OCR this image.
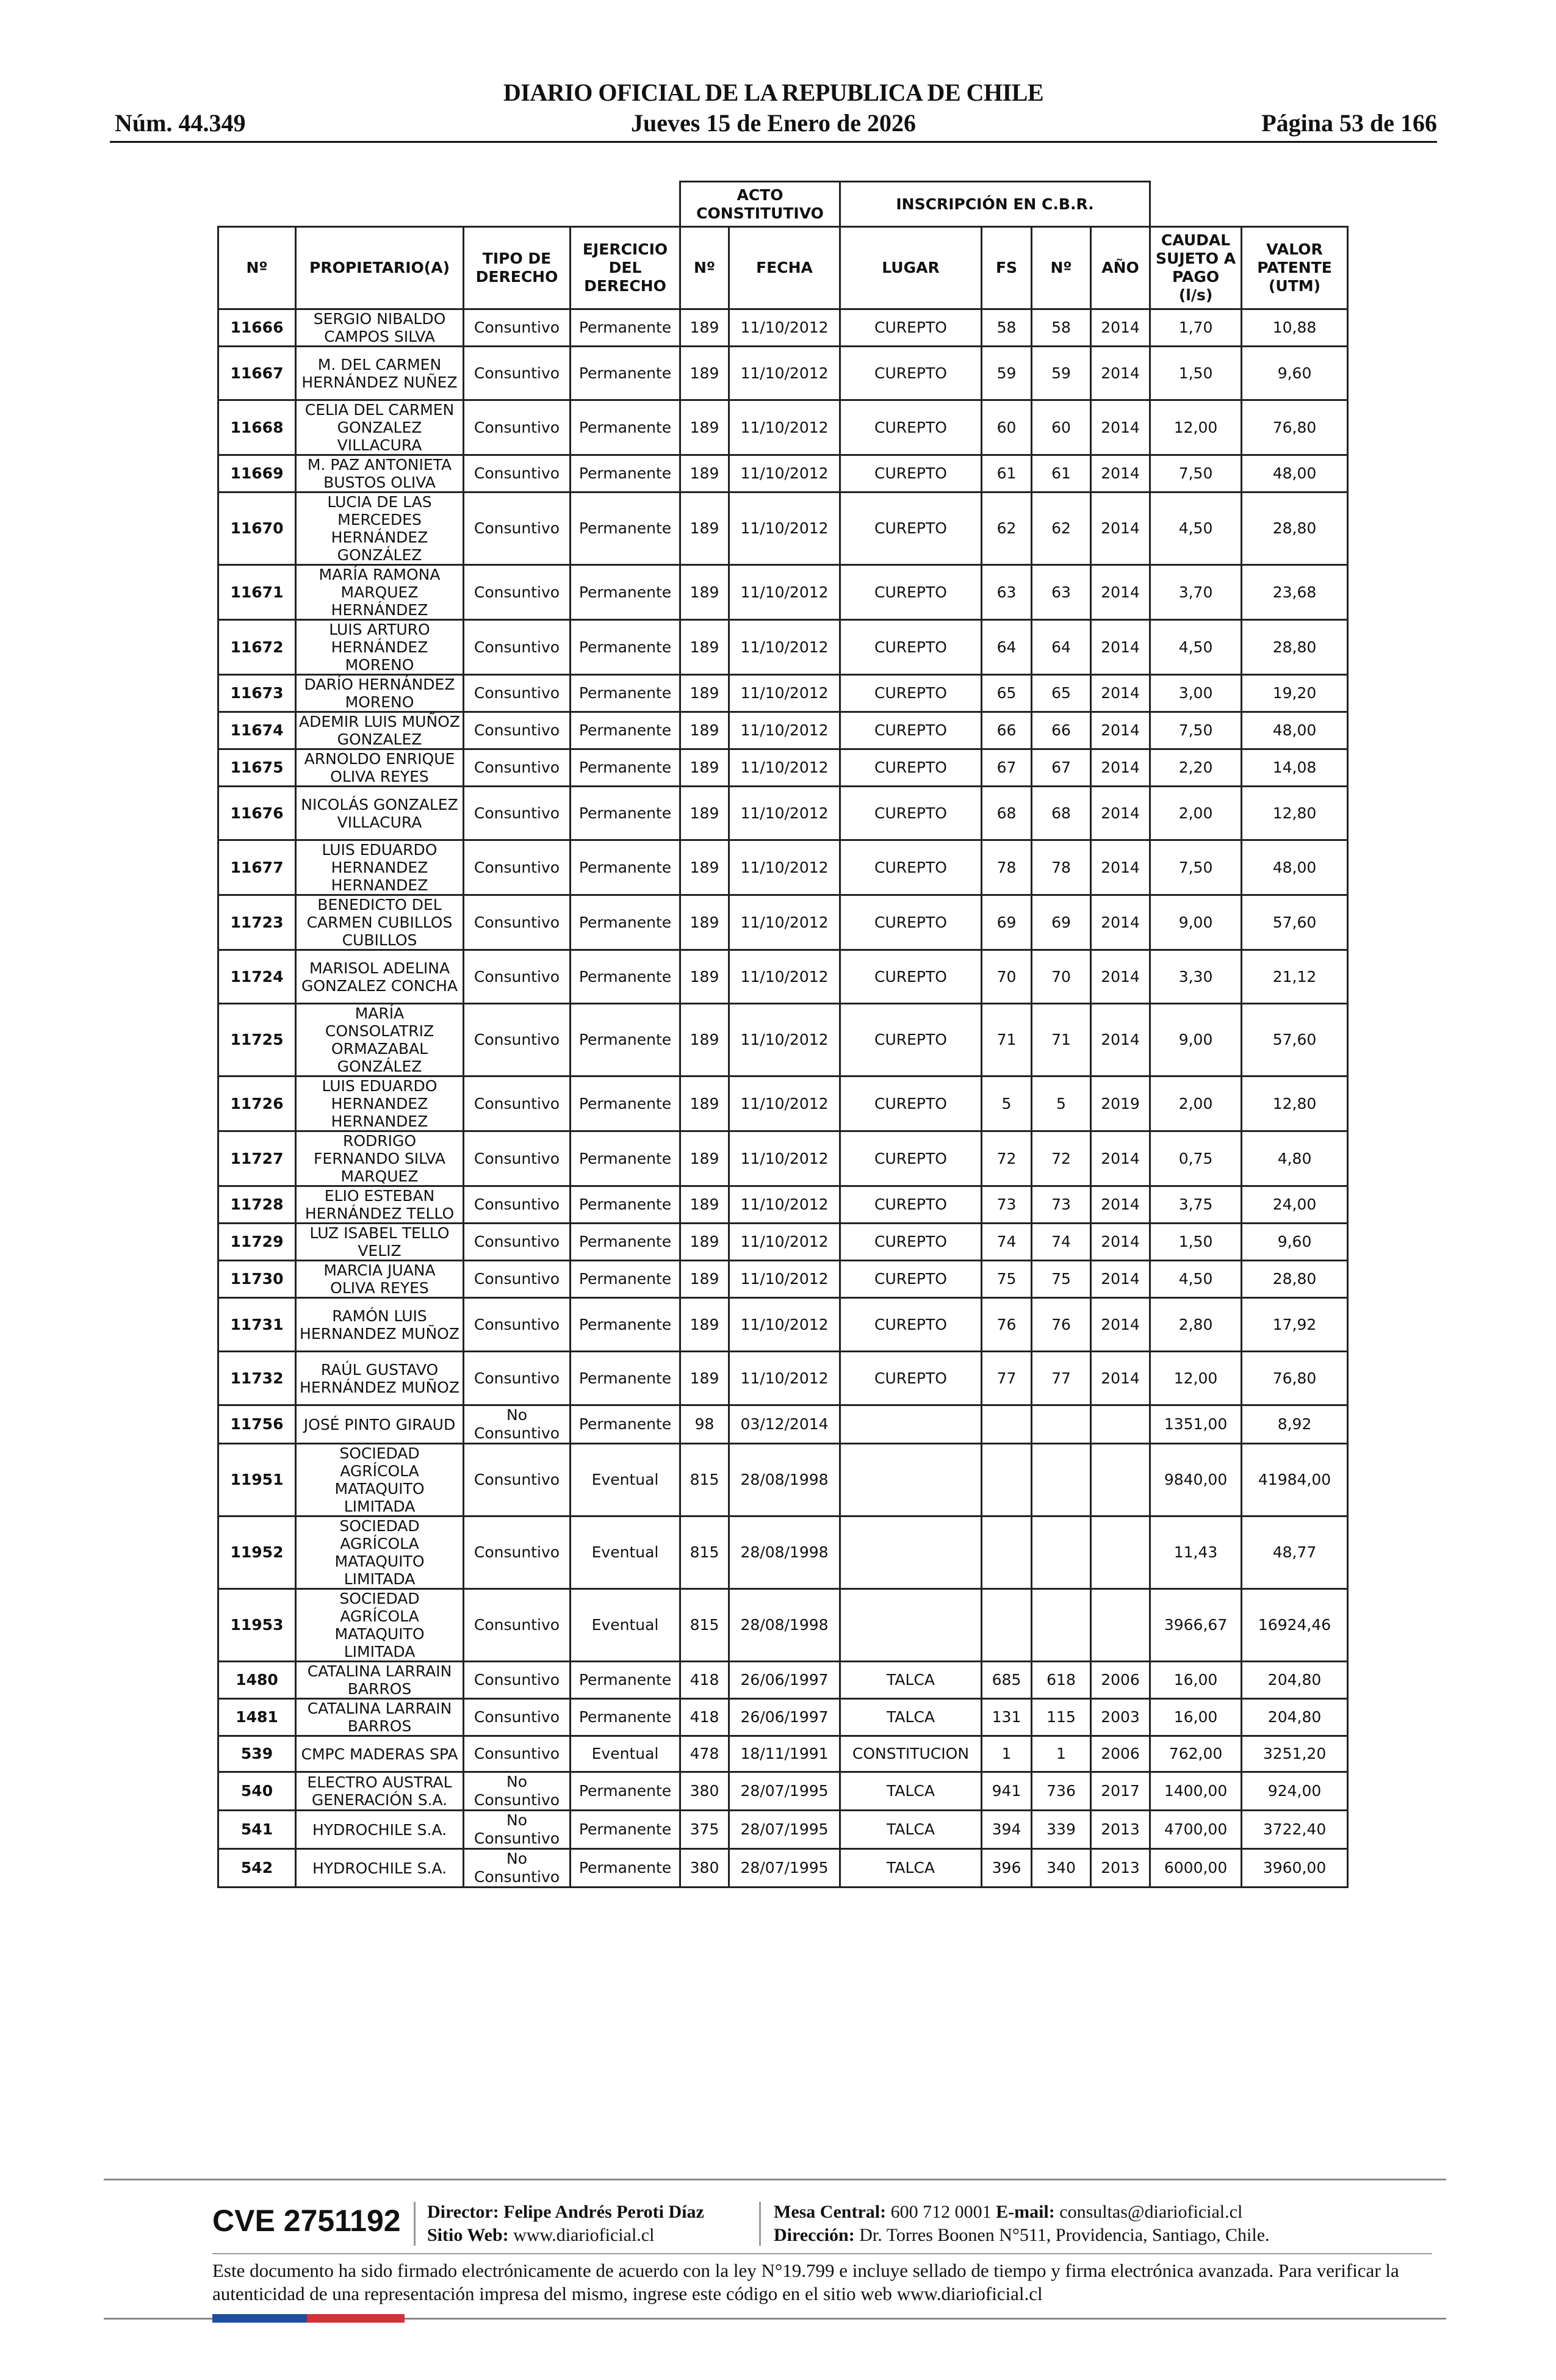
DIARIO OFICIAL DE LA REPUBLICA DE CHILE
Núm. 44.349	Jueves 15 de Enero de 2026	Página 53 de 166
				ACTO CONSTITUTIVO		INSCRIPCIÓN EN C.B.R.					
Nº	PROPIETARIO(A)	TIPO DE DERECHO	EJERCICIO DEL DERECHO	Nº	FECHA	LUGAR	FS	Nº	AÑO	CAUDAL SUJETO A PAGO (l/s)	VALOR PATENTE (UTM)
11666	SERGIO NIBALDO CAMPOS SILVA	Consuntivo	Permanente	189	11/10/2012	CUREPTO	58	58	2014	1,70	10,88
11667	M. DEL CARMEN HERNÁNDEZ NUÑEZ	Consuntivo	Permanente	189	11/10/2012	CUREPTO	59	59	2014	1,50	9,60
11668	CELIA DEL CARMEN GONZALEZ VILLACURA	Consuntivo	Permanente	189	11/10/2012	CUREPTO	60	60	2014	12,00	76,80
11669	M. PAZ ANTONIETA BUSTOS OLIVA	Consuntivo	Permanente	189	11/10/2012	CUREPTO	61	61	2014	7,50	48,00
11670	LUCIA DE LAS MERCEDES HERNÁNDEZ GONZÁLEZ	Consuntivo	Permanente	189	11/10/2012	CUREPTO	62	62	2014	4,50	28,80
11671	MARÍA RAMONA MARQUEZ HERNÁNDEZ	Consuntivo	Permanente	189	11/10/2012	CUREPTO	63	63	2014	3,70	23,68
11672	LUIS ARTURO HERNÁNDEZ MORENO	Consuntivo	Permanente	189	11/10/2012	CUREPTO	64	64	2014	4,50	28,80
11673	DARÍO HERNÁNDEZ MORENO	Consuntivo	Permanente	189	11/10/2012	CUREPTO	65	65	2014	3,00	19,20
11674	ADEMIR LUIS MUÑOZ GONZALEZ	Consuntivo	Permanente	189	11/10/2012	CUREPTO	66	66	2014	7,50	48,00
11675	ARNOLDO ENRIQUE OLIVA REYES	Consuntivo	Permanente	189	11/10/2012	CUREPTO	67	67	2014	2,20	14,08
11676	NICOLÁS GONZALEZ VILLACURA	Consuntivo	Permanente	189	11/10/2012	CUREPTO	68	68	2014	2,00	12,80
11677	LUIS EDUARDO HERNANDEZ HERNANDEZ	Consuntivo	Permanente	189	11/10/2012	CUREPTO	78	78	2014	7,50	48,00
11723	BENEDICTO DEL CARMEN CUBILLOS CUBILLOS	Consuntivo	Permanente	189	11/10/2012	CUREPTO	69	69	2014	9,00	57,60
11724	MARISOL ADELINA GONZALEZ CONCHA	Consuntivo	Permanente	189	11/10/2012	CUREPTO	70	70	2014	3,30	21,12
11725	MARÍA CONSOLATRIZ ORMAZABAL GONZÁLEZ	Consuntivo	Permanente	189	11/10/2012	CUREPTO	71	71	2014	9,00	57,60
11726	LUIS EDUARDO HERNANDEZ HERNANDEZ	Consuntivo	Permanente	189	11/10/2012	CUREPTO	5	5	2019	2,00	12,80
11727	RODRIGO FERNANDO SILVA MARQUEZ	Consuntivo	Permanente	189	11/10/2012	CUREPTO	72	72	2014	0,75	4,80
11728	ELIO ESTEBAN HERNÁNDEZ TELLO	Consuntivo	Permanente	189	11/10/2012	CUREPTO	73	73	2014	3,75	24,00
11729	LUZ ISABEL TELLO VELIZ	Consuntivo	Permanente	189	11/10/2012	CUREPTO	74	74	2014	1,50	9,60
11730	MARCIA JUANA OLIVA REYES	Consuntivo	Permanente	189	11/10/2012	CUREPTO	75	75	2014	4,50	28,80
11731	RAMÓN LUIS HERNANDEZ MUÑOZ	Consuntivo	Permanente	189	11/10/2012	CUREPTO	76	76	2014	2,80	17,92
11732	RAÚL GUSTAVO HERNÁNDEZ MUÑOZ	Consuntivo	Permanente	189	11/10/2012	CUREPTO	77	77	2014	12,00	76,80
11756	JOSÉ PINTO GIRAUD	No Consuntivo	Permanente	98	03/12/2014					1351,00	8,92
11951	SOCIEDAD AGRÍCOLA MATAQUITO LIMITADA	Consuntivo	Eventual	815	28/08/1998					9840,00	41984,00
11952	SOCIEDAD AGRÍCOLA MATAQUITO LIMITADA	Consuntivo	Eventual	815	28/08/1998					11,43	48,77
11953	SOCIEDAD AGRÍCOLA MATAQUITO LIMITADA	Consuntivo	Eventual	815	28/08/1998					3966,67	16924,46
1480	CATALINA LARRAIN BARROS	Consuntivo	Permanente	418	26/06/1997	TALCA	685	618	2006	16,00	204,80
1481	CATALINA LARRAIN BARROS	Consuntivo	Permanente	418	26/06/1997	TALCA	131	115	2003	16,00	204,80
539	CMPC MADERAS SPA	Consuntivo	Eventual	478	18/11/1991	CONSTITUCION	1	1	2006	762,00	3251,20
540	ELECTRO AUSTRAL GENERACIÓN S.A.	No Consuntivo	Permanente	380	28/07/1995	TALCA	941	736	2017	1400,00	924,00
541	HYDROCHILE S.A.	No Consuntivo	Permanente	375	28/07/1995	TALCA	394	339	2013	4700,00	3722,40
542	HYDROCHILE S.A.	No Consuntivo	Permanente	380	28/07/1995	TALCA	396	340	2013	6000,00	3960,00
CVE 2751192 Director: Felipe Andrés Peroti Díaz
Sitio Web: www.diarioficial.cl
Mesa Central: 600 712 0001 E-mail: consultas@diarioficial.cl
Dirección: Dr. Torres Boonen N°511, Providencia, Santiago, Chile.
Este documento ha sido firmado electrónicamente de acuerdo con la ley N°19.799 e incluye sellado de tiempo y firma electrónica avanzada. Para verificar la autenticidad de una representación impresa del mismo, ingrese este código en el sitio web www.diarioficial.cl
